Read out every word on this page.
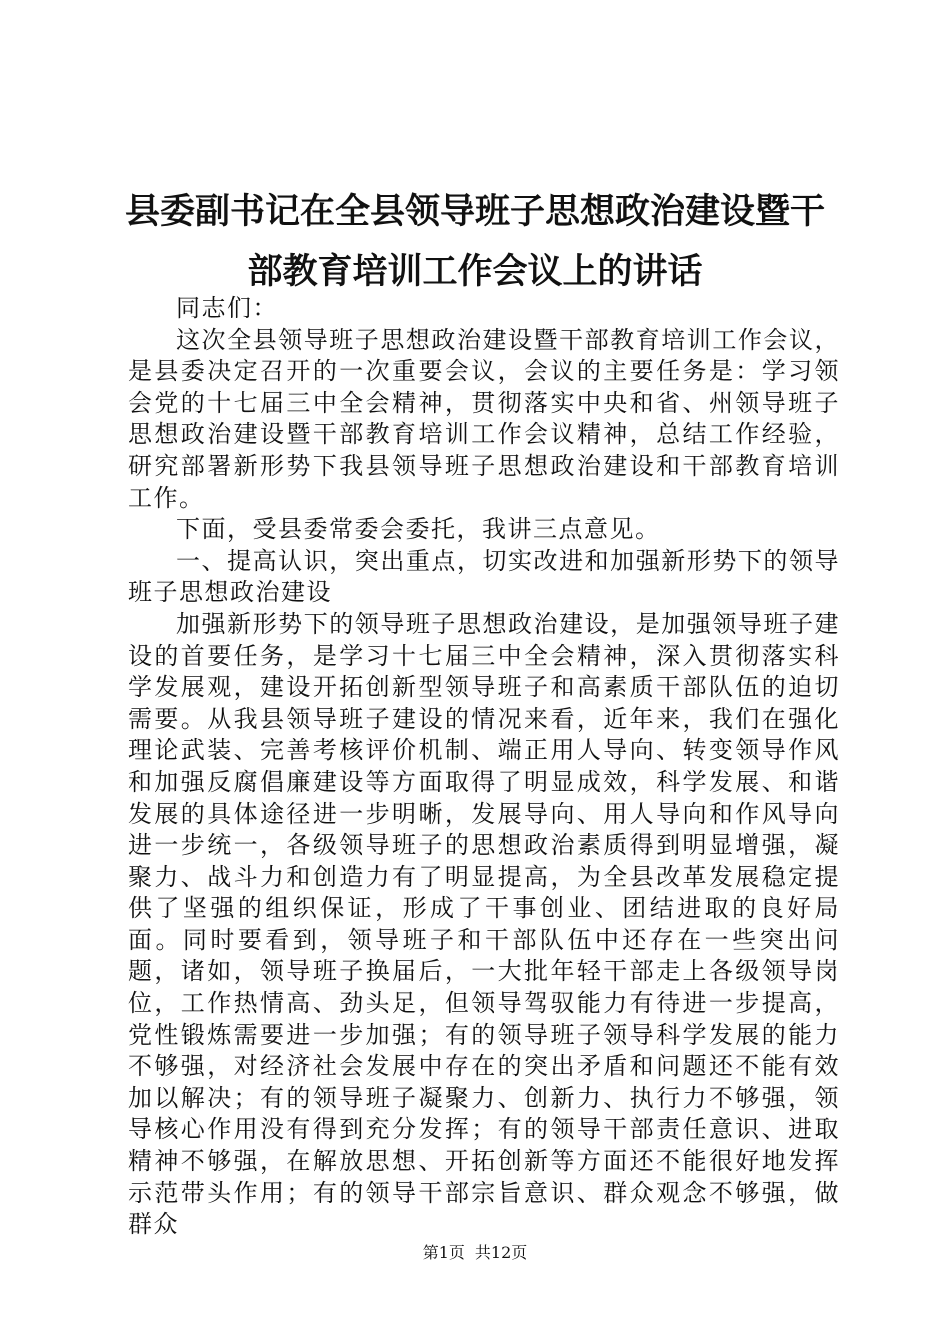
县委副书记在全县领导班子思想政治建设暨干部教育培训工作会议上的讲话

同志们：

这次全县领导班子思想政治建设暨干部教育培训工作会议，是县委决定召开的一次重要会议，会议的主要任务是：学习领会党的十七届三中全会精神，贯彻落实中央和省、州领导班子思想政治建设暨干部教育培训工作会议精神，总结工作经验，研究部署新形势下我县领导班子思想政治建设和干部教育培训工作。

下面，受县委常委会委托，我讲三点意见。

一、提高认识，突出重点，切实改进和加强新形势下的领导班子思想政治建设

加强新形势下的领导班子思想政治建设，是加强领导班子建设的首要任务，是学习十七届三中全会精神，深入贯彻落实科学发展观，建设开拓创新型领导班子和高素质干部队伍的迫切需要。从我县领导班子建设的情况来看，近年来，我们在强化理论武装、完善考核评价机制、端正用人导向、转变领导作风和加强反腐倡廉建设等方面取得了明显成效，科学发展、和谐发展的具体途径进一步明晰，发展导向、用人导向和作风导向进一步统一，各级领导班子的思想政治素质得到明显增强，凝聚力、战斗力和创造力有了明显提高，为全县改革发展稳定提供了坚强的组织保证，形成了干事创业、团结进取的良好局面。同时要看到，领导班子和干部队伍中还存在一些突出问题，诸如，领导班子换届后，一大批年轻干部走上各级领导岗位，工作热情高、劲头足，但领导驾驭能力有待进一步提高，党性锻炼需要进一步加强；有的领导班子领导科学发展的能力不够强，对经济社会发展中存在的突出矛盾和问题还不能有效加以解决；有的领导班子凝聚力、创新力、执行力不够强，领导核心作用没有得到充分发挥；有的领导干部责任意识、进取精神不够强，在解放思想、开拓创新等方面还不能很好地发挥示范带头作用；有的领导干部宗旨意识、群众观念不够强，做群众

第1页 共12页
